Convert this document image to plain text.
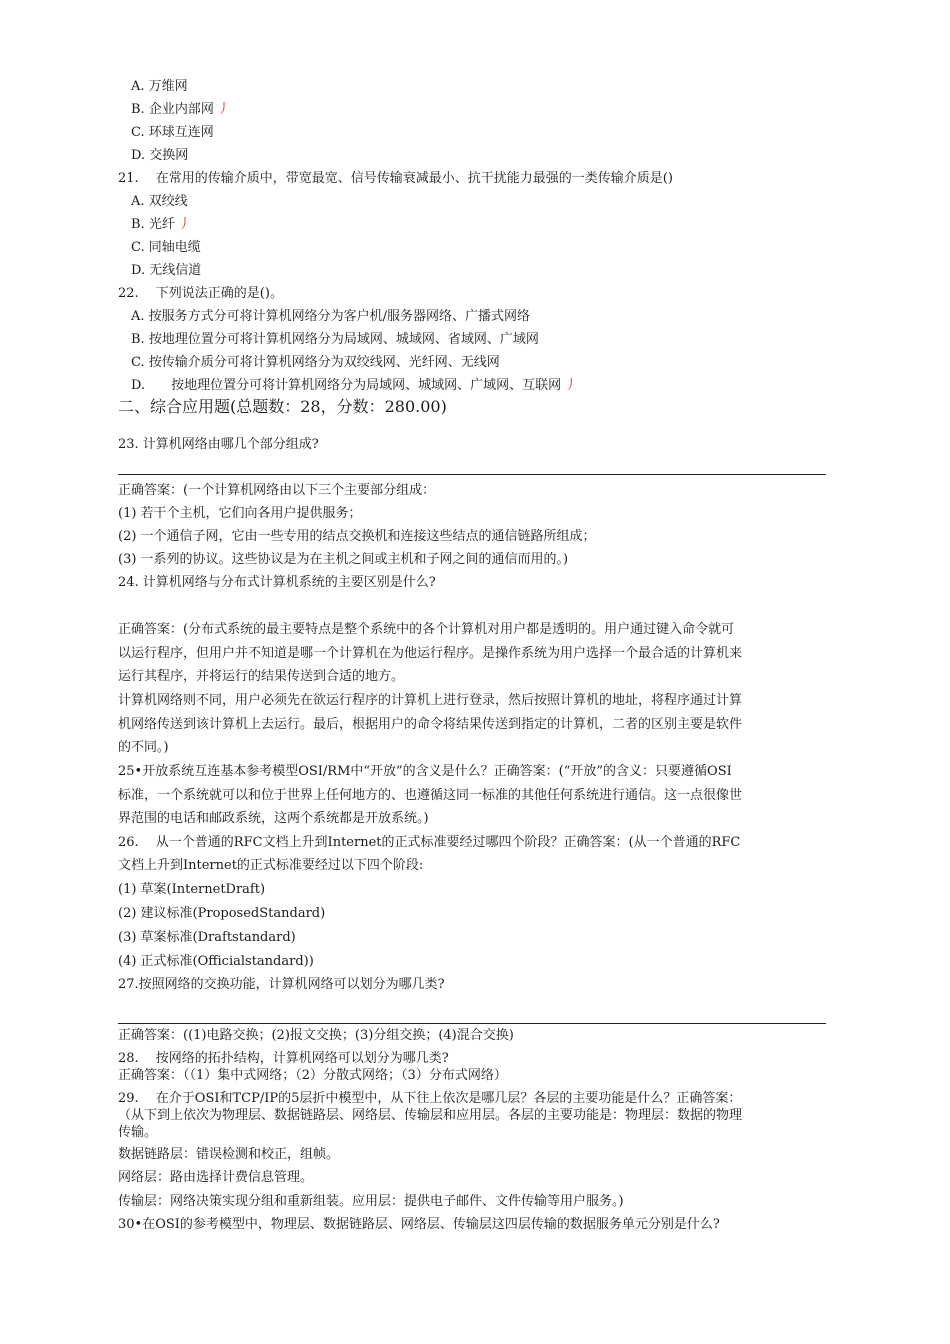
A. 万维网
B. 企业内部网 丿
C. 环球互连网
D. 交换网
21.　 在常用的传输介质中，带宽最宽、信号传输衰减最小、抗干扰能力最强的一类传输介质是()
A. 双绞线
B. 光纤 丿
C. 同轴电缆
D. 无线信道
22.　 下列说法正确的是()。
A. 按服务方式分可将计算机网络分为客户机/服务器网络、广播式网络
B. 按地理位置分可将计算机网络分为局域网、城域网、省域网、广域网
C. 按传输介质分可将计算机网络分为双绞线网、光纤网、无线网
D.　　按地理位置分可将计算机网络分为局域网、城域网、广域网、互联网 丿
二、综合应用题(总题数：28，分数：280.00)
23. 计算机网络由哪几个部分组成?
正确答案：(一个计算机网络由以下三个主要部分组成：
(1) 若干个主机，它们向各用户提供服务；
(2) 一个通信子网，它由一些专用的结点交换机和连接这些结点的通信链路所组成；
(3) 一系列的协议。这些协议是为在主机之间或主机和子网之间的通信而用的。)
24. 计算机网络与分布式计算机系统的主要区别是什么?
正确答案：(分布式系统的最主要特点是整个系统中的各个计算机对用户都是透明的。用户通过键入命令就可
以运行程序，但用户并不知道是哪一个计算机在为他运行程序。是操作系统为用户选择一个最合适的计算机来
运行其程序，并将运行的结果传送到合适的地方。
计算机网络则不同，用户必须先在欲运行程序的计算机上进行登录，然后按照计算机的地址，将程序通过计算
机网络传送到该计算机上去运行。最后，根据用户的命令将结果传送到指定的计算机，二者的区别主要是软件
的不同。)
25•开放系统互连基本参考模型OSI/RM中“开放”的含义是什么？正确答案：(“开放”的含义：只要遵循OSI
标准，一个系统就可以和位于世界上任何地方的、也遵循这同一标准的其他任何系统进行通信。这一点很像世
界范围的电话和邮政系统，这两个系统都是开放系统。)
26.　 从一个普通的RFC文档上升到Internet的正式标准要经过哪四个阶段？正确答案：(从一个普通的RFC
文档上升到Internet的正式标准要经过以下四个阶段:
(1) 草案(InternetDraft)
(2) 建议标准(ProposedStandard)
(3) 草案标准(Draftstandard)
(4) 正式标准(Officialstandard))
27.按照网络的交换功能，计算机网络可以划分为哪几类?
正确答案：((1)电路交换；(2)报文交换；(3)分组交换；(4)混合交换)
28.　 按网络的拓扑结构，计算机网络可以划分为哪几类?
正确答案：（（1）集中式网络；（2）分散式网络；（3）分布式网络）
29.　 在介于OSI和TCP/IP的5层折中模型中，从下往上依次是哪几层？各层的主要功能是什么？正确答案：
（从下到上依次为物理层、数据链路层、网络层、传输层和应用层。各层的主要功能是：物理层：数据的物理
传输。
数据链路层：错误检测和校正，组帧。
网络层：路由选择计费信息管理。
传输层：网络决策实现分组和重新组装。应用层：提供电子邮件、文件传输等用户服务。)
30•在OSI的参考模型中，物理层、数据链路层、网络层、传输层这四层传输的数据服务单元分别是什么?
